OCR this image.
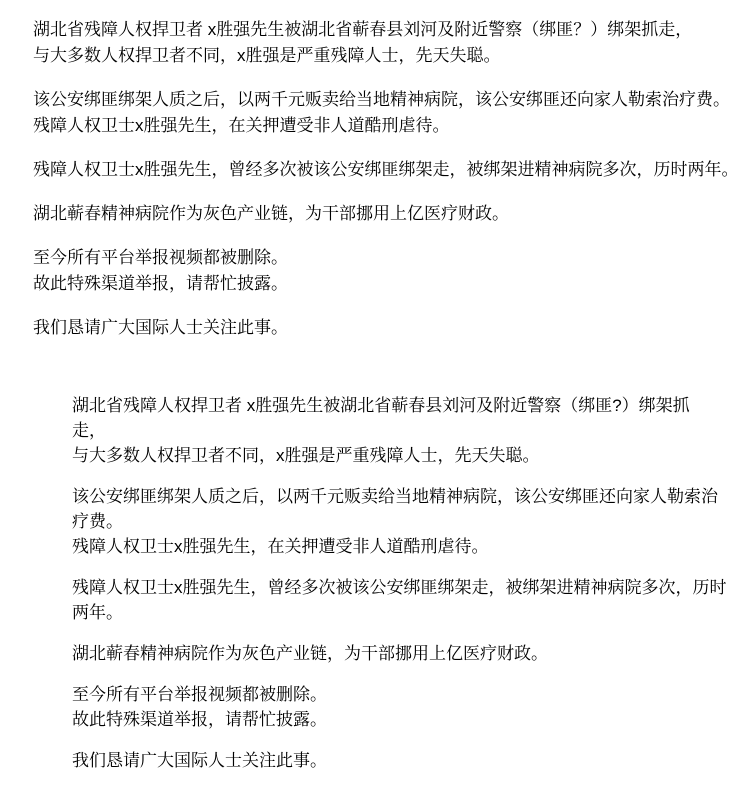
湖北省残障人权捍卫者 x胜强先生被湖北省蕲春县刘河及附近警察（绑匪？）绑架抓走，
与大多数人权捍卫者不同，x胜强是严重残障人士，先天失聪。
该公安绑匪绑架人质之后，以两千元贩卖给当地精神病院，该公安绑匪还向家人勒索治疗费。
残障人权卫士x胜强先生，在关押遭受非人道酷刑虐待。
残障人权卫士x胜强先生，曾经多次被该公安绑匪绑架走，被绑架进精神病院多次，历时两年。
湖北蕲春精神病院作为灰色产业链，为干部挪用上亿医疗财政。
至今所有平台举报视频都被删除。
故此特殊渠道举报，请帮忙披露。
我们恳请广大国际人士关注此事。
湖北省残障人权捍卫者 x胜强先生被湖北省蕲春县刘河及附近警察（绑匪?）绑架抓
走，
与大多数人权捍卫者不同，x胜强是严重残障人士，先天失聪。
该公安绑匪绑架人质之后，以两千元贩卖给当地精神病院，该公安绑匪还向家人勒索治
疗费。
残障人权卫士x胜强先生，在关押遭受非人道酷刑虐待。
残障人权卫士x胜强先生，曾经多次被该公安绑匪绑架走，被绑架进精神病院多次，历时
两年。
湖北蕲春精神病院作为灰色产业链，为干部挪用上亿医疗财政。
至今所有平台举报视频都被删除。
故此特殊渠道举报，请帮忙披露。
我们恳请广大国际人士关注此事。
